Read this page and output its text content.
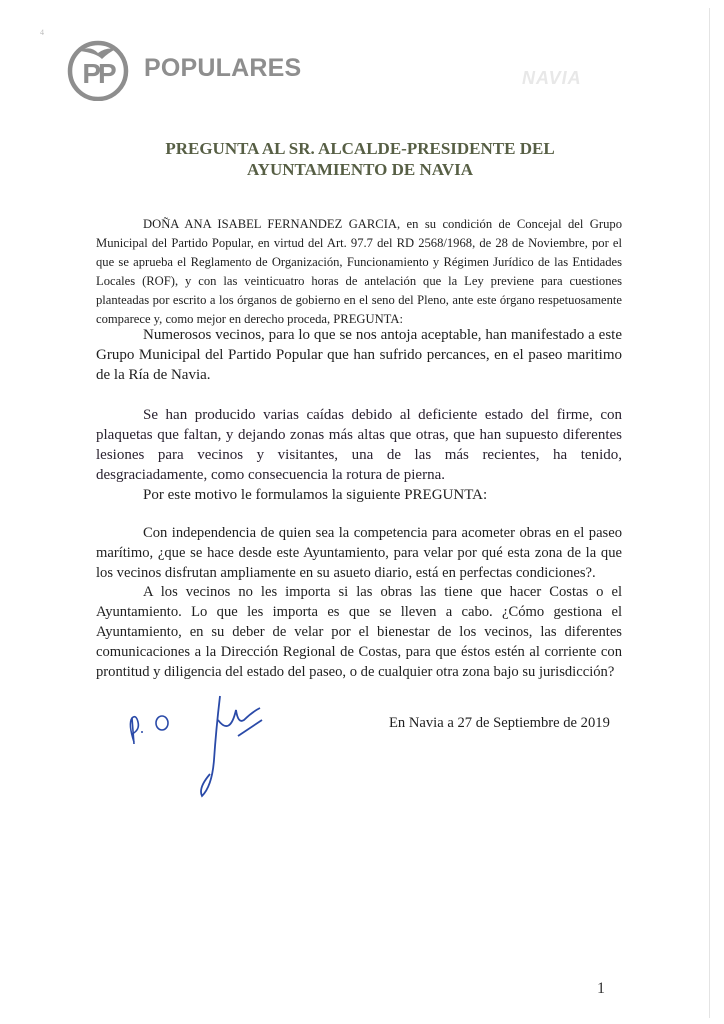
4
PP POPULARES	NAVIA
PREGUNTA AL SR. ALCALDE-PRESIDENTE DEL
AYUNTAMIENTO DE NAVIA

DOÑA ANA ISABEL FERNANDEZ GARCIA, en su condición de Concejal del Grupo Municipal del Partido Popular, en virtud del Art. 97.7 del RD 2568/1968, de 28 de Noviembre, por el que se aprueba el Reglamento de Organización, Funcionamiento y Régimen Jurídico de las Entidades Locales (ROF), y con las veinticuatro horas de antelación que la Ley previene para cuestiones planteadas por escrito a los órganos de gobierno en el seno del Pleno, ante este órgano respetuosamente comparece y, como mejor en derecho proceda, PREGUNTA:

Numerosos vecinos, para lo que se nos antoja aceptable, han manifestado a este Grupo Municipal del Partido Popular que han sufrido percances, en el paseo maritimo de la Ría de Navia.

Se han producido varias caídas debido al deficiente estado del firme, con plaquetas que faltan, y dejando zonas más altas que otras, que han supuesto diferentes lesiones para vecinos y visitantes, una de las más recientes, ha tenido, desgraciadamente, como consecuencia la rotura de pierna.

Por este motivo le formulamos la siguiente PREGUNTA:

Con independencia de quien sea la competencia para acometer obras en el paseo marítimo, ¿que se hace desde este Ayuntamiento, para velar por qué esta zona de la que los vecinos disfrutan ampliamente en su asueto diario, está en perfectas condiciones?.

A los vecinos no les importa si las obras las tiene que hacer Costas o el Ayuntamiento. Lo que les importa es que se lleven a cabo. ¿Cómo gestiona el Ayuntamiento, en su deber de velar por el bienestar de los vecinos, las diferentes comunicaciones a la Dirección Regional de Costas, para que éstos estén al corriente con prontitud y diligencia del estado del paseo, o de cualquier otra zona bajo su jurisdicción?

En Navia a 27 de Septiembre de 2019
1
